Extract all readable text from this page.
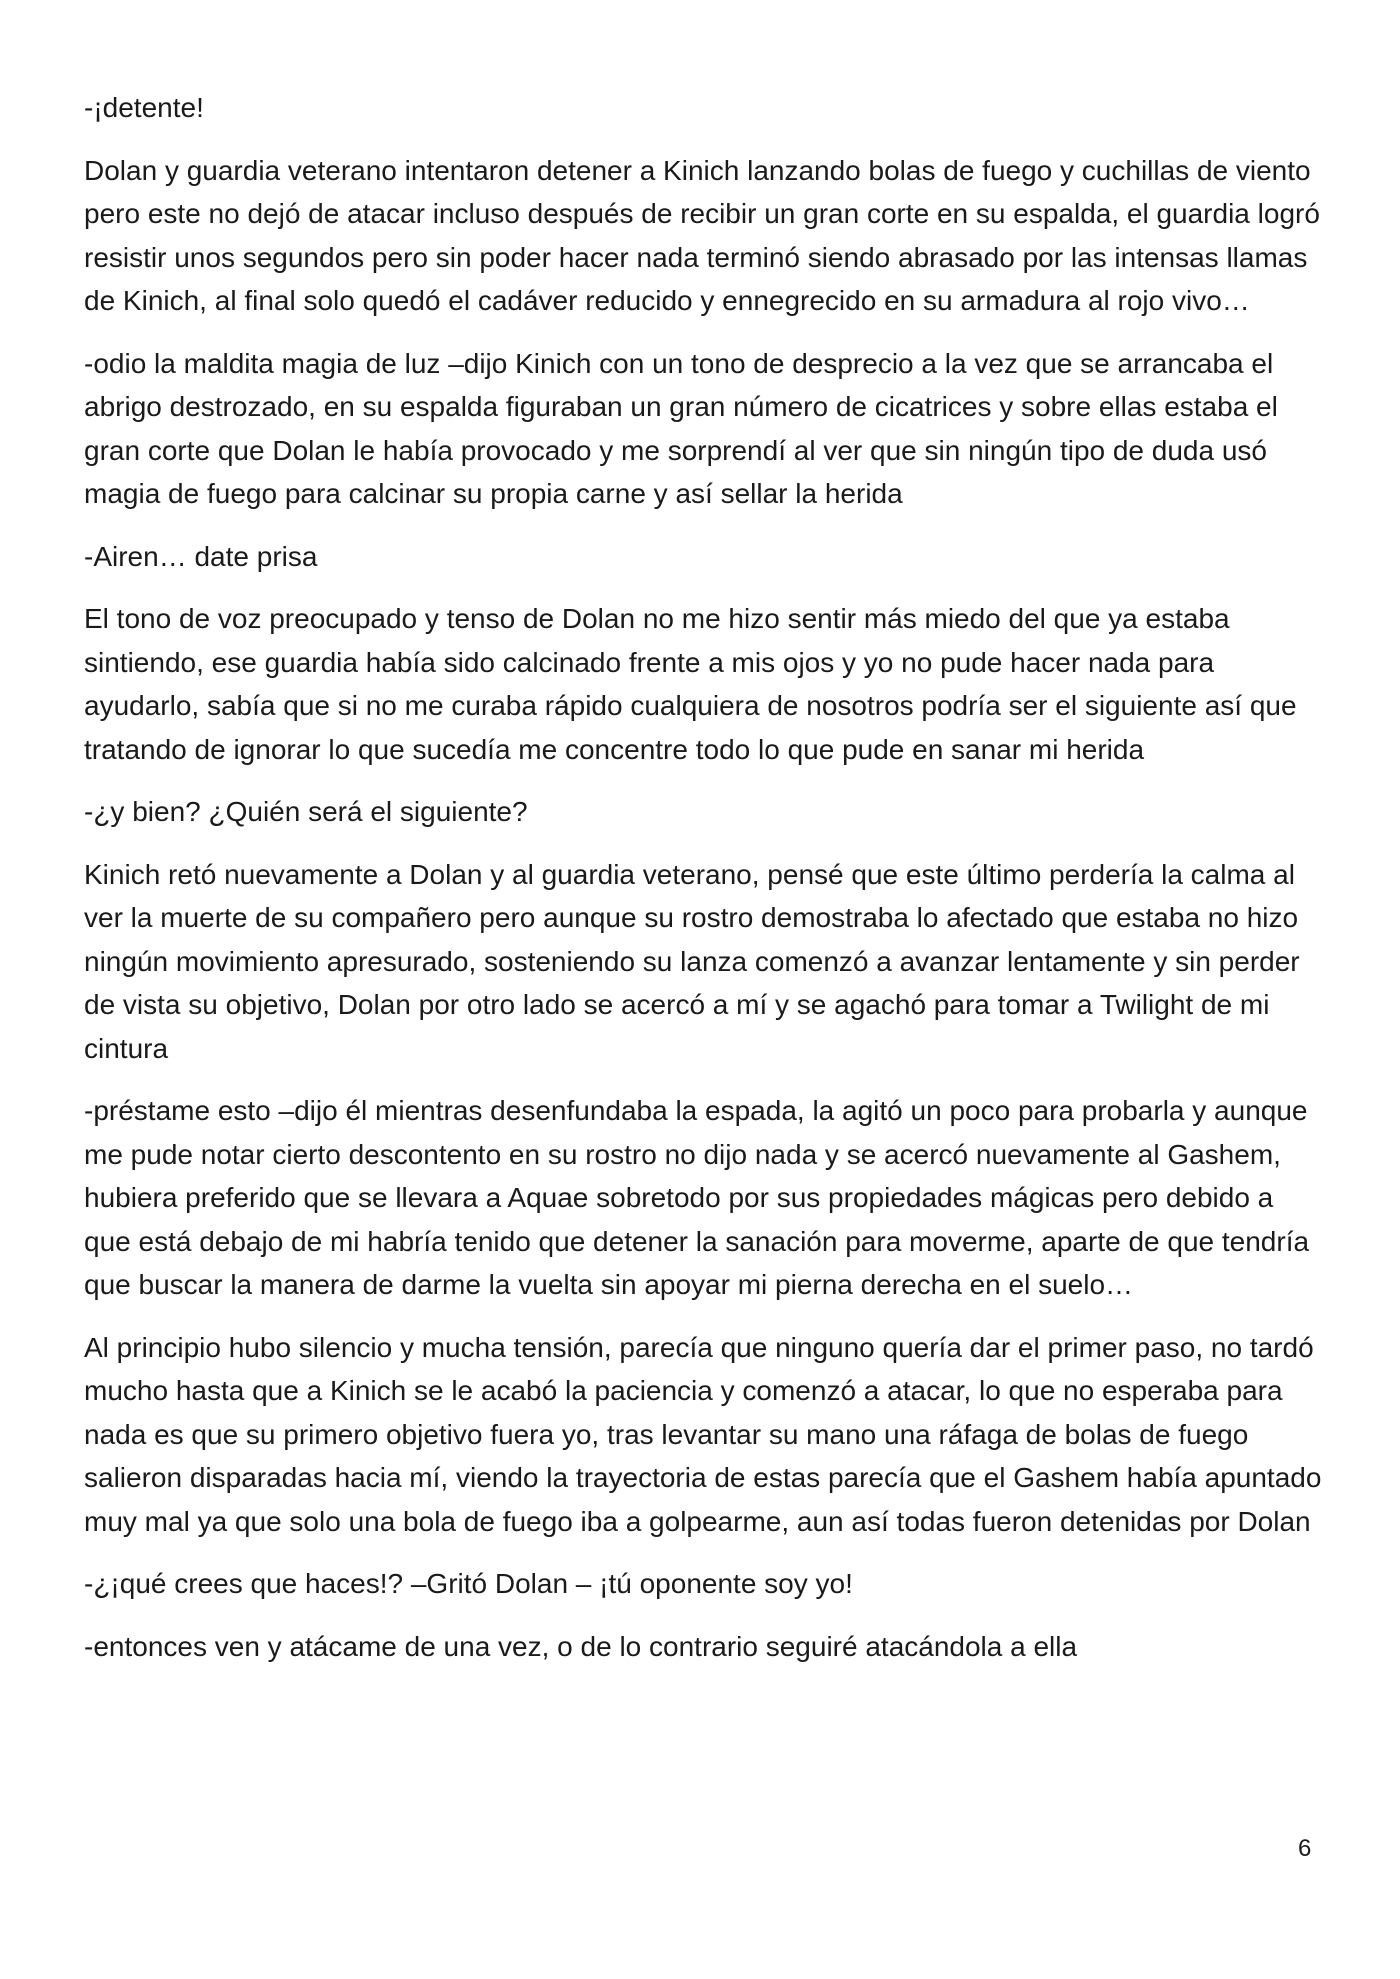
-¡detente!

Dolan y guardia veterano intentaron detener a Kinich lanzando bolas de fuego y cuchillas de viento pero este no dejó de atacar incluso después de recibir un gran corte en su espalda, el guardia logró resistir unos segundos pero sin poder hacer nada terminó siendo abrasado por las intensas llamas de Kinich, al final solo quedó el cadáver reducido y ennegrecido en su armadura al rojo vivo…

-odio la maldita magia de luz –dijo Kinich con un tono de desprecio a la vez que se arrancaba el abrigo destrozado, en su espalda figuraban un gran número de cicatrices y sobre ellas estaba el gran corte que Dolan le había provocado y me sorprendí al ver que sin ningún tipo de duda usó magia de fuego para calcinar su propia carne y así sellar la herida

-Airen… date prisa

El tono de voz preocupado y tenso de Dolan no me hizo sentir más miedo del que ya estaba sintiendo, ese guardia había sido calcinado frente a mis ojos y yo no pude hacer nada para ayudarlo, sabía que si no me curaba rápido cualquiera de nosotros podría ser el siguiente así que tratando de ignorar lo que sucedía me concentre todo lo que pude en sanar mi herida

-¿y bien? ¿Quién será el siguiente?

Kinich retó nuevamente a Dolan y al guardia veterano, pensé que este último perdería la calma al ver la muerte de su compañero pero aunque su rostro demostraba lo afectado que estaba no hizo ningún movimiento apresurado, sosteniendo su lanza comenzó a avanzar lentamente y sin perder de vista su objetivo, Dolan por otro lado se acercó a mí y se agachó para tomar a Twilight de mi cintura

-préstame esto –dijo él mientras desenfundaba la espada, la agitó un poco para probarla y aunque me pude notar cierto descontento en su rostro no dijo nada y se acercó nuevamente al Gashem, hubiera preferido que se llevara a Aquae sobretodo por sus propiedades mágicas pero debido a que está debajo de mi habría tenido que detener la sanación para moverme, aparte de que tendría que buscar la manera de darme la vuelta sin apoyar mi pierna derecha en el suelo…

Al principio hubo silencio y mucha tensión, parecía que ninguno quería dar el primer paso, no tardó mucho hasta que a Kinich se le acabó la paciencia y comenzó a atacar, lo que no esperaba para nada es que su primero objetivo fuera yo, tras levantar su mano una ráfaga de bolas de fuego salieron disparadas hacia mí, viendo la trayectoria de estas parecía que el Gashem había apuntado muy mal ya que solo una bola de fuego iba a golpearme, aun así todas fueron detenidas por Dolan

-¿¡qué crees que haces!? –Gritó Dolan – ¡tú oponente soy yo!

-entonces ven y atácame de una vez, o de lo contrario seguiré atacándola a ella

6
